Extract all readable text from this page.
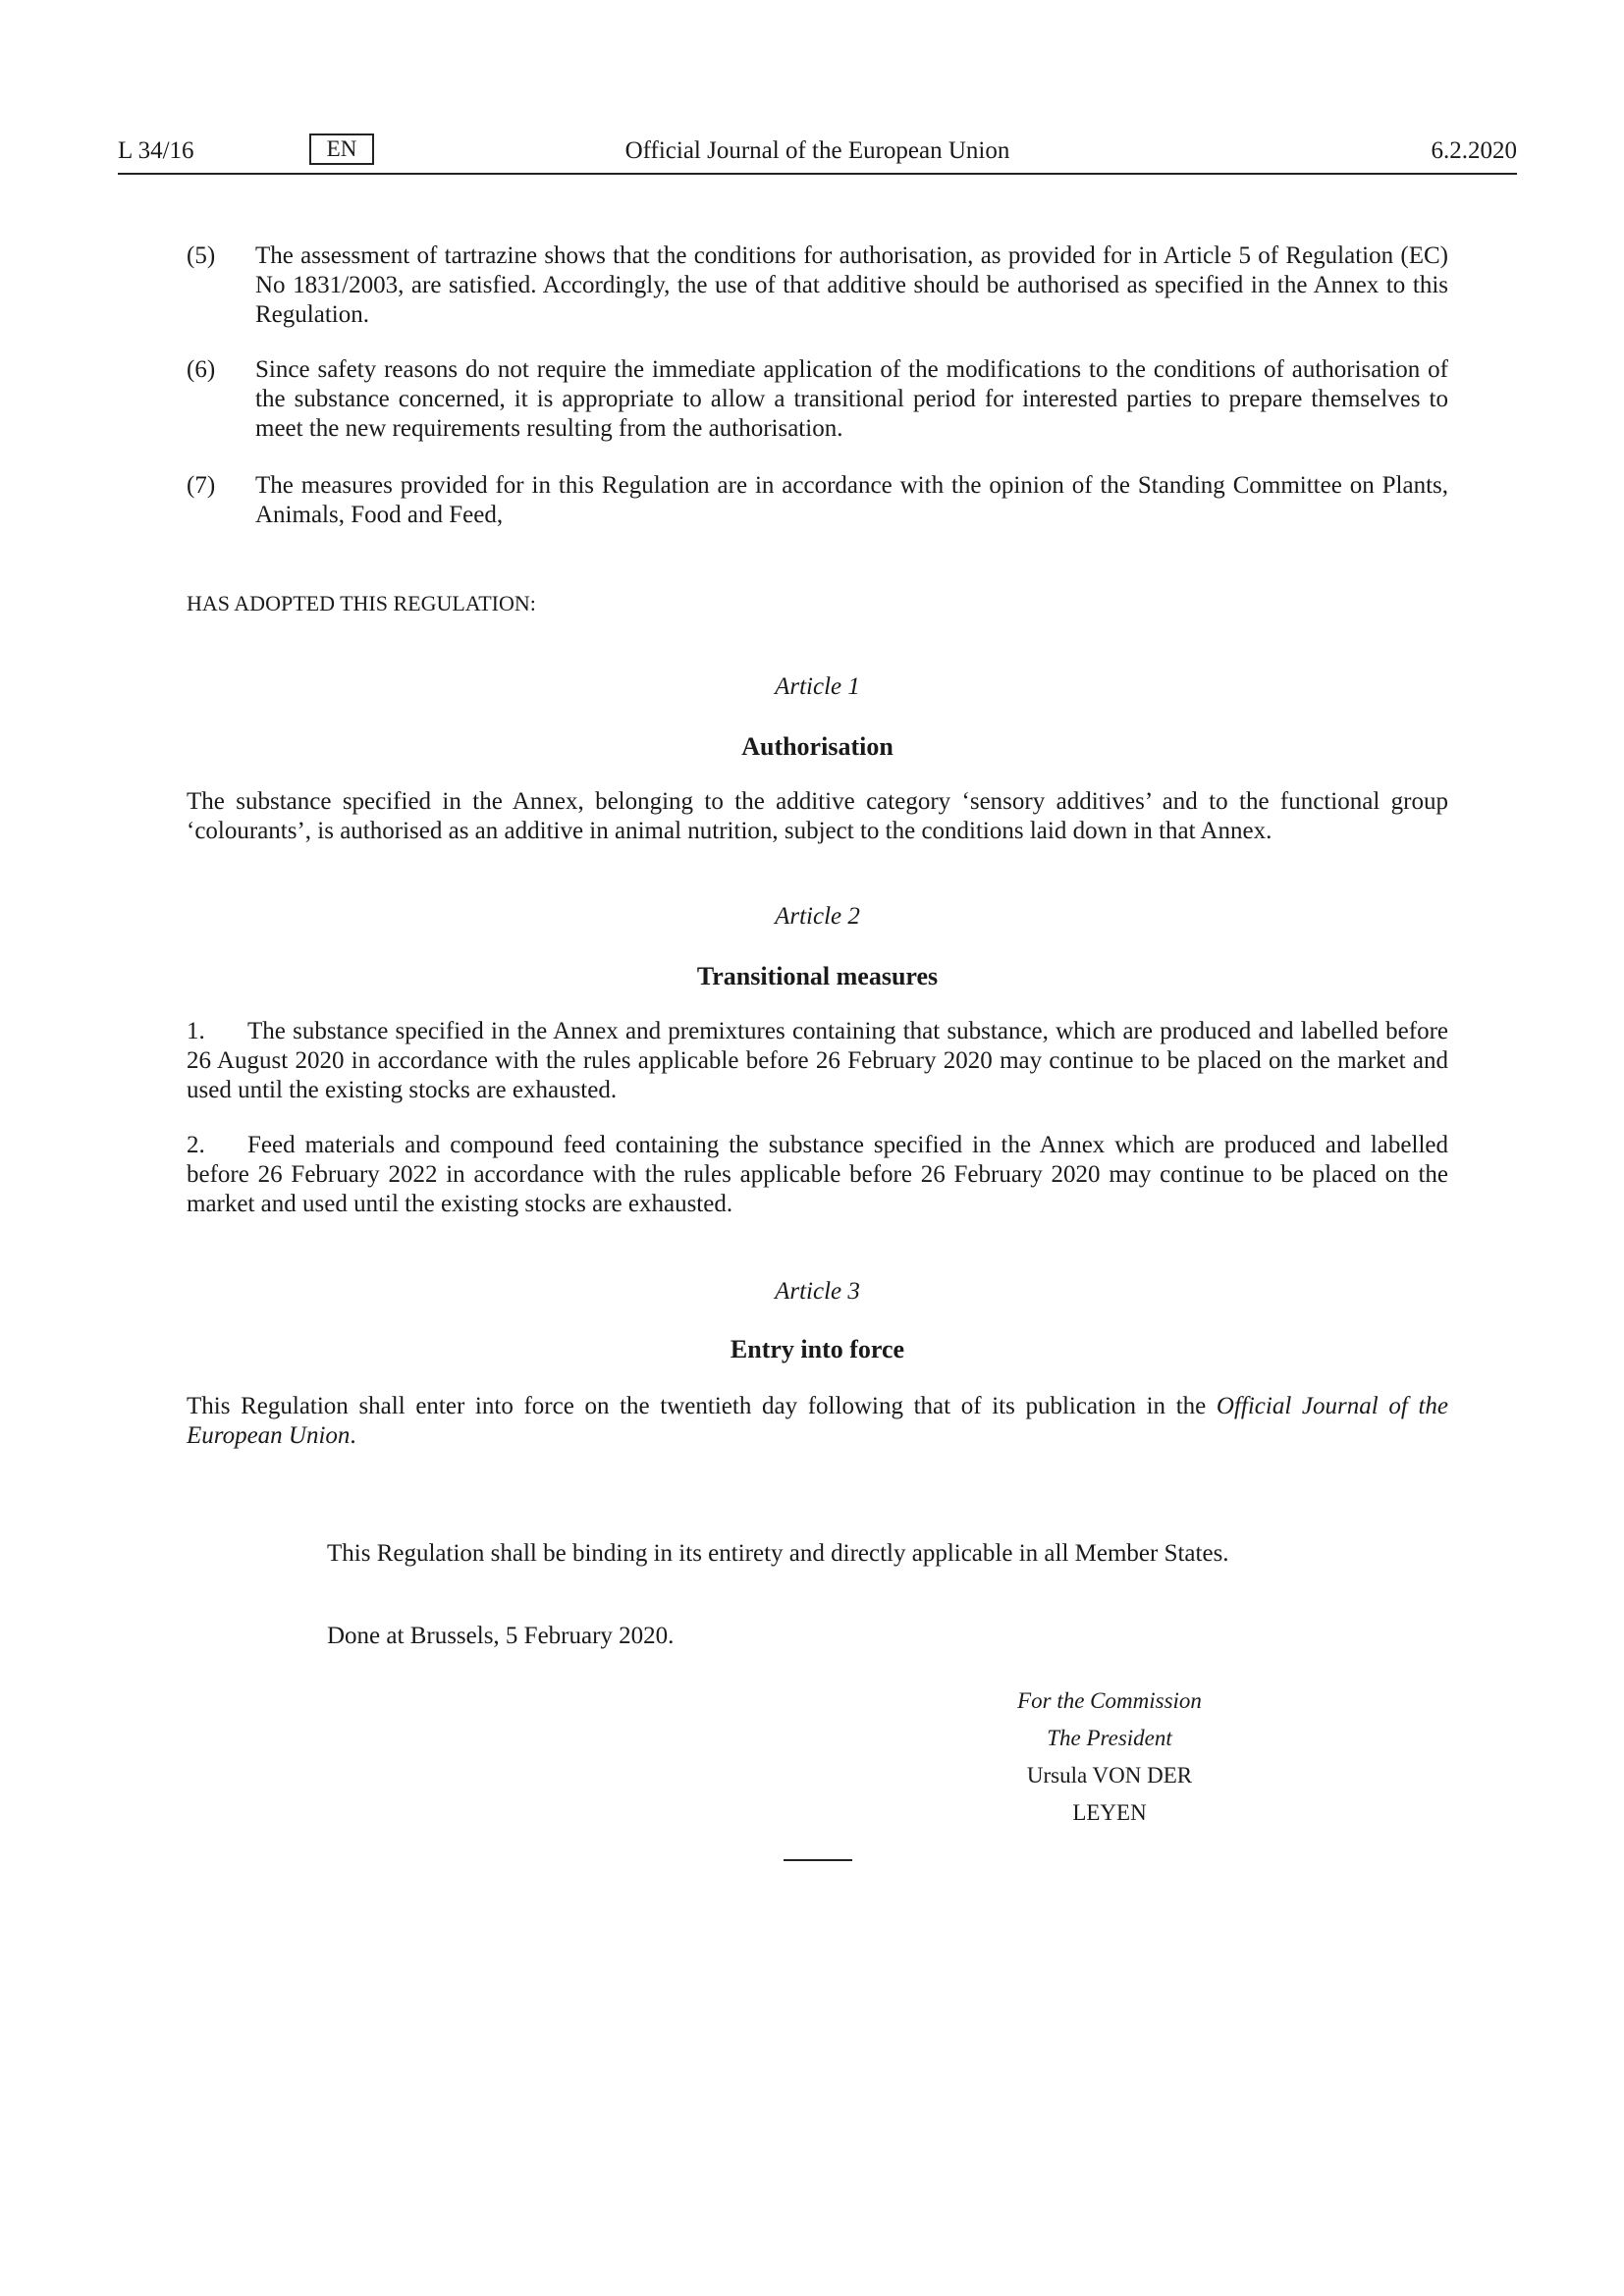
L 34/16	EN	Official Journal of the European Union	6.2.2020
(5) The assessment of tartrazine shows that the conditions for authorisation, as provided for in Article 5 of Regulation (EC) No 1831/2003, are satisfied. Accordingly, the use of that additive should be authorised as specified in the Annex to this Regulation.
(6) Since safety reasons do not require the immediate application of the modifications to the conditions of authorisation of the substance concerned, it is appropriate to allow a transitional period for interested parties to prepare themselves to meet the new requirements resulting from the authorisation.
(7) The measures provided for in this Regulation are in accordance with the opinion of the Standing Committee on Plants, Animals, Food and Feed,
HAS ADOPTED THIS REGULATION:
Article 1
Authorisation
The substance specified in the Annex, belonging to the additive category ‘sensory additives’ and to the functional group ‘colourants’, is authorised as an additive in animal nutrition, subject to the conditions laid down in that Annex.
Article 2
Transitional measures
1. The substance specified in the Annex and premixtures containing that substance, which are produced and labelled before 26 August 2020 in accordance with the rules applicable before 26 February 2020 may continue to be placed on the market and used until the existing stocks are exhausted.
2. Feed materials and compound feed containing the substance specified in the Annex which are produced and labelled before 26 February 2022 in accordance with the rules applicable before 26 February 2020 may continue to be placed on the market and used until the existing stocks are exhausted.
Article 3
Entry into force
This Regulation shall enter into force on the twentieth day following that of its publication in the Official Journal of the European Union.
This Regulation shall be binding in its entirety and directly applicable in all Member States.
Done at Brussels, 5 February 2020.
For the Commission
The President
Ursula VON DER LEYEN
